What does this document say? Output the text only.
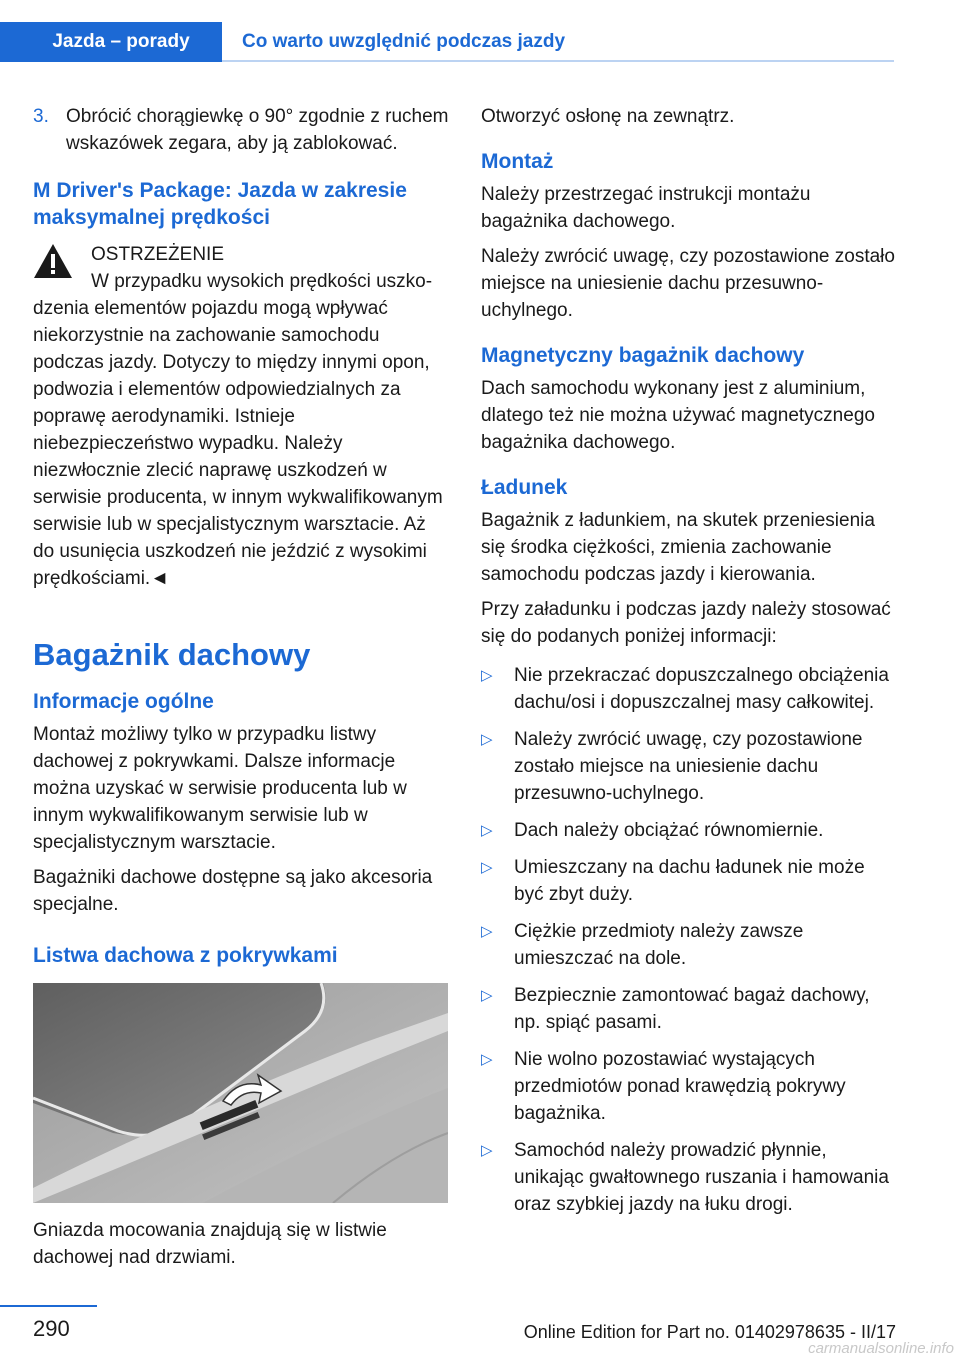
Jazda – porady	Co warto uwzględnić podczas jazdy
3. Obrócić chorągiewkę o 90° zgodnie z ruchem wskazówek zegara, aby ją zablokować.
M Driver's Package: Jazda w zakresie maksymalnej prędkości
OSTRZEŻENIE
W przypadku wysokich prędkości uszko-

dzenia elementów pojazdu mogą wpływać niekorzystnie na zachowanie samochodu podczas jazdy. Dotyczy to między innymi opon, podwozia i elementów odpowiedzialnych za poprawę aerodynamiki. Istnieje niebezpieczeństwo wypadku. Należy niezwłocznie zlecić naprawę uszkodzeń w serwisie producenta, w innym wykwalifikowanym serwisie lub w specjalistycznym warsztacie. Aż do usunięcia uszkodzeń nie jeździć z wysokimi prędkościami.◄

Bagażnik dachowy
Informacje ogólne

Montaż możliwy tylko w przypadku listwy dachowej z pokrywkami. Dalsze informacje można uzyskać w serwisie producenta lub w innym wykwalifikowanym serwisie lub w specjalistycznym warsztacie.

Bagażniki dachowe dostępne są jako akcesoria specjalne.

Listwa dachowa z pokrywkami

Gniazda mocowania znajdują się w listwie dachowej nad drzwiami.

Otworzyć osłonę na zewnątrz.

Montaż

Należy przestrzegać instrukcji montażu bagażnika dachowego.

Należy zwrócić uwagę, czy pozostawione zostało miejsce na uniesienie dachu przesuwno-uchylnego.

Magnetyczny bagażnik dachowy

Dach samochodu wykonany jest z aluminium, dlatego też nie można używać magnetycznego bagażnika dachowego.

Ładunek

Bagażnik z ładunkiem, na skutek przeniesienia się środka ciężkości, zmienia zachowanie samochodu podczas jazdy i kierowania.

Przy załadunku i podczas jazdy należy stosować się do podanych poniżej informacji:

▷	Nie przekraczać dopuszczalnego obciążenia dachu/osi i dopuszczalnej masy całkowitej.
▷	Należy zwrócić uwagę, czy pozostawione zostało miejsce na uniesienie dachu przesuwno-uchylnego.
▷	Dach należy obciążać równomiernie.
▷	Umieszczany na dachu ładunek nie może być zbyt duży.
▷	Ciężkie przedmioty należy zawsze umieszczać na dole.
▷	Bezpiecznie zamontować bagaż dachowy, np. spiąć pasami.
▷	Nie wolno pozostawiać wystających przedmiotów ponad krawędzią pokrywy bagażnika.
▷	Samochód należy prowadzić płynnie, unikając gwałtownego ruszania i hamowania oraz szybkiej jazdy na łuku drogi.
290	Online Edition for Part no. 01402978635 - II/17
carmanualsonline.info
